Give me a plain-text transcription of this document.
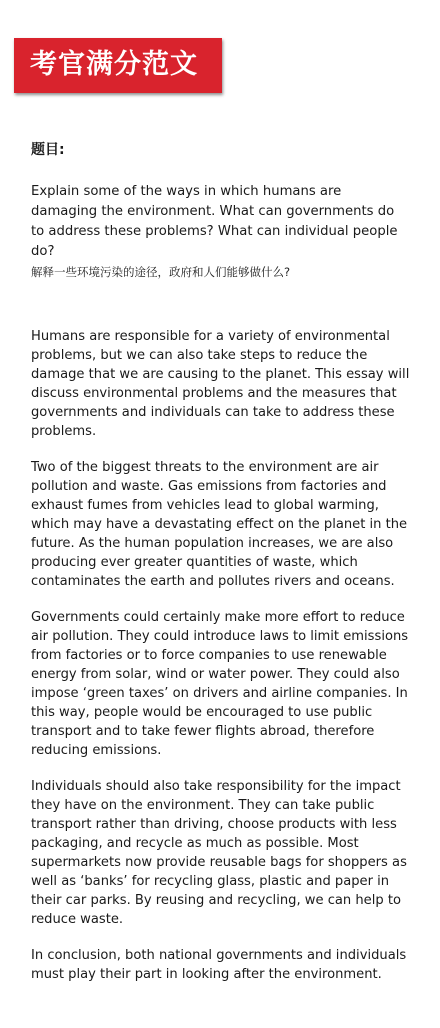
考官满分范文
题目:

Explain some of the ways in which humans are damaging the environment. What can governments do to address these problems? What can individual people do?

解释一些环境污染的途径，政府和人们能够做什么?

Humans are responsible for a variety of environmental problems, but we can also take steps to reduce the damage that we are causing to the planet. This essay will discuss environmental problems and the measures that governments and individuals can take to address these problems.

Two of the biggest threats to the environment are air pollution and waste. Gas emissions from factories and exhaust fumes from vehicles lead to global warming, which may have a devastating effect on the planet in the future. As the human population increases, we are also producing ever greater quantities of waste, which contaminates the earth and pollutes rivers and oceans.

Governments could certainly make more effort to reduce air pollution. They could introduce laws to limit emissions from factories or to force companies to use renewable energy from solar, wind or water power. They could also impose ‘green taxes’ on drivers and airline companies. In this way, people would be encouraged to use public transport and to take fewer flights abroad, therefore reducing emissions.

Individuals should also take responsibility for the impact they have on the environment. They can take public transport rather than driving, choose products with less packaging, and recycle as much as possible. Most supermarkets now provide reusable bags for shoppers as well as ‘banks’ for recycling glass, plastic and paper in their car parks. By reusing and recycling, we can help to reduce waste.

In conclusion, both national governments and individuals must play their part in looking after the environment.
